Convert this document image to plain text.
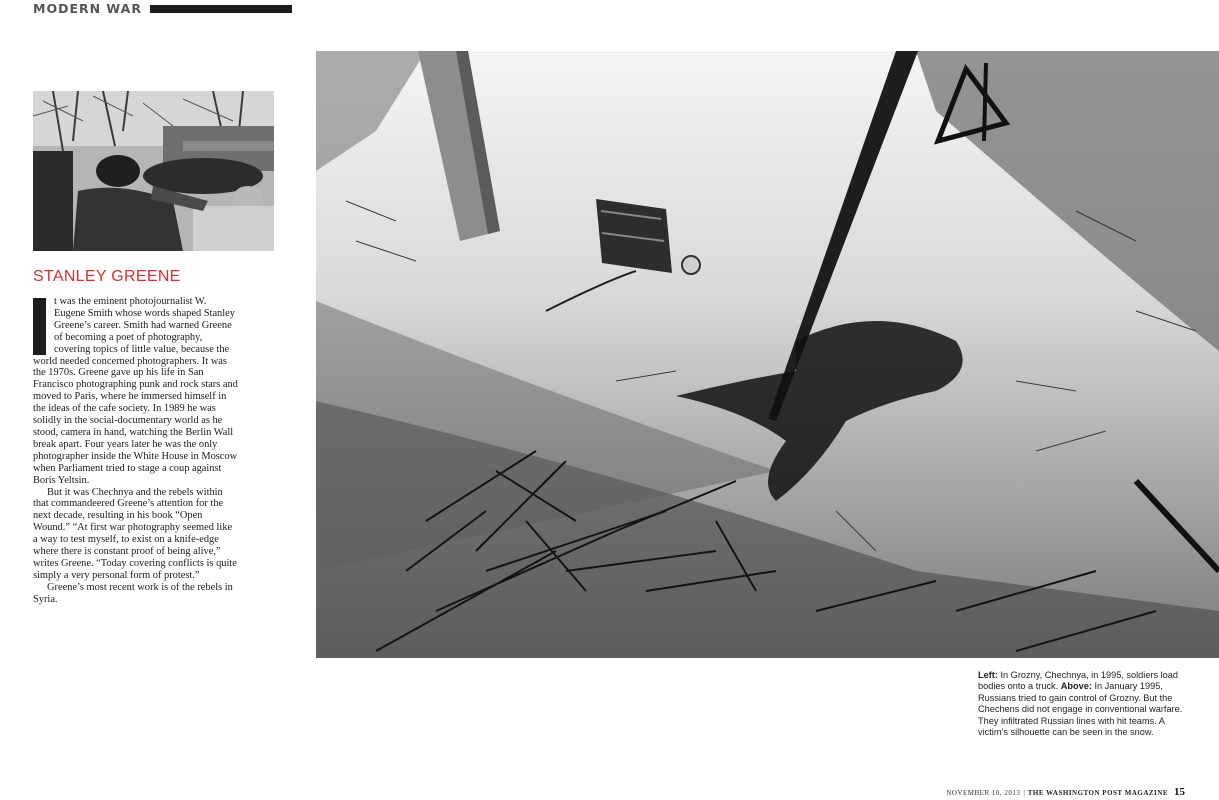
MODERN WAR
STANLEY GREENE

t was the eminent photojournalist W. Eugene Smith whose words shaped Stanley Greene’s career. Smith had warned Greene of becoming a poet of photography, covering topics of little value, because the world needed concerned photographers. It was the 1970s. Greene gave up his life in San Francisco photographing punk and rock stars and moved to Paris, where he immersed himself in the ideas of the cafe society. In 1989 he was solidly in the social-documentary world as he stood, camera in hand, watching the Berlin Wall break apart. Four years later he was the only photographer inside the White House in Moscow when Parliament tried to stage a coup against Boris Yeltsin.

But it was Chechnya and the rebels within that commandeered Greene’s attention for the next decade, resulting in his book “Open Wound.” “At first war photography seemed like a way to test myself, to exist on a knife-edge where there is constant proof of being alive,” writes Greene. “Today covering conflicts is quite simply a very personal form of protest.”

Greene’s most recent work is of the rebels in Syria.

Left: In Grozny, Chechnya, in 1995, soldiers load bodies onto a truck. Above: In January 1995, Russians tried to gain control of Grozny. But the Chechens did not engage in conventional warfare. They infiltrated Russian lines with hit teams. A victim’s silhouette can be seen in the snow.
NOVEMBER 10, 2013 | THE WASHINGTON POST MAGAZINE 15
